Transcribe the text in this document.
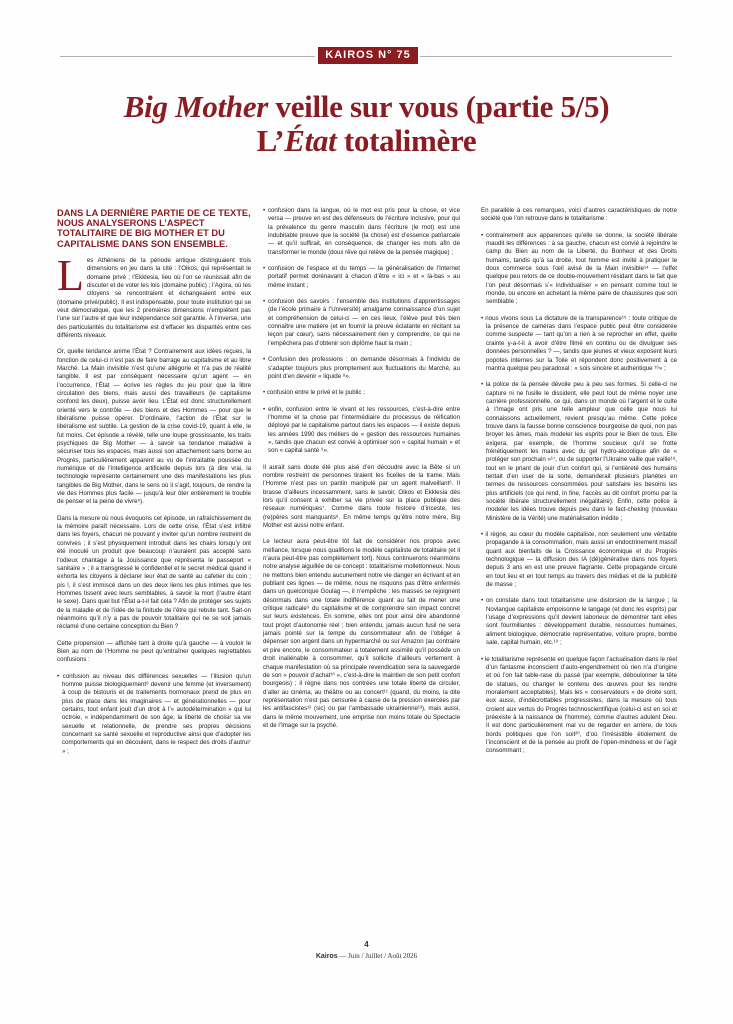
KAIROS N° 75
Big Mother veille sur vous (partie 5/5)
L’État totalimère

DANS LA DERNIÈRE PARTIE DE CE TEXTE, NOUS ANALYSERONS L’ASPECT TOTALITAIRE DE BIG MOTHER ET DU CAPITALISME DANS SON ENSEMBLE.

Les Athéniens de la période antique distinguaient trois dimensions en jeu dans la cité : l’Oikos, qui représentait le domaine privé ; l’Ekklesia, lieu où l’on se réunissait afin de discuter et de voter les lois (domaine public) ; l’Agora, où les citoyens se rencontraient et échangeaient entre eux (domaine privé/public). Il est indispensable, pour toute institution qui se veut démocratique, que les 2 premières dimensions n’empiètent pas l’une sur l’autre et que leur indépendance soit garantie. À l’inverse, une des particularités du totalitarisme est d’effacer les disparités entre ces différents niveaux.

Or, quelle tendance anime l’État ? Contrairement aux idées reçues, la fonction de celui-ci n’est pas de faire barrage au capitalisme et au libre Marché. La Main invisible n’est qu’une allégorie et n’a pas de réalité tangible. Il est par conséquent nécessaire qu’un agent — en l’occurrence, l’État — écrive les règles du jeu pour que la libre circulation des biens, mais aussi des travailleurs (le capitalisme confond les deux), puisse avoir lieu. L’État est donc structurellement orienté vers le contrôle — des biens et des Hommes — pour que le libéralisme puisse opérer. D’ordinaire, l’action de l’État sur le libéralisme est subtile. La gestion de la crise covid-19, quant à elle, le fut moins. Cet épisode a révélé, telle une loupe grossissante, les traits psychiques de Big Mother — à savoir sa tendance maladive à sécuriser tous les espaces, mais aussi son attachement sans borne au Progrès, particulièrement apparent au vu de l’intraitable poussée du numérique et de l’intelligence artificielle depuis lors (à dire vrai, la technologie représente certainement une des manifestations les plus tangibles de Big Mother, dans le sens où il s’agit, toujours, de rendre la vie des Hommes plus facile — jusqu’à leur ôter entièrement le trouble de penser et la peine de vivre⁵).

Dans la mesure où nous évoquons cet épisode, un rafraîchissement de la mémoire paraît nécessaire. Lors de cette crise, l’État s’est infiltré dans les foyers, chacun ne pouvant y inviter qu’un nombre restreint de convives ; il s’est physiquement introduit dans les chairs lorsqu’y ont été inoculé un produit que beaucoup n’auraient pas accepté sans l’odieux chantage à la Jouissance que représenta le passeport « sanitaire » ; il a transgressé le confidentiel et le secret médical quand il exhorta les citoyens à déclarer leur état de santé au cafetier du coin ; pis !, il s’est immiscé dans un des deux liens les plus intimes que les Hommes tissent avec leurs semblables, à savoir la mort (l’autre étant le sexe). Dans quel but l’État a-t-il fait cela ? Afin de protéger ses sujets de la maladie et de l’idée de la finitude de l’être qui rebute tant. Sait-on néanmoins qu’il n’y a pas de pouvoir totalitaire qui ne se soit jamais réclamé d’une certaine conception du Bien ?

Cette propension — affichée tant à droite qu’à gauche — à vouloir le Bien au nom de l’Homme ne peut qu’entraîner quelques regrettables confusions :

• confusion au niveau des différences sexuelles — l’illusion qu’un homme puisse biologiquement⁶ devenir une femme (et inversement) à coup de bistouris et de traitements hormonaux prend de plus en plus de place dans les imaginaires — et générationnelles — pour certains, tout enfant jouit d’un droit à l’« autodétermination » qui lui octroie, « indépendamment de son âge, la liberté de choisir sa vie sexuelle et relationnelle, de prendre ses propres décisions concernant sa santé sexuelle et reproductive ainsi que d’adopter les comportements qui en découlent, dans le respect des droits d’autrui⁷ » ;

• confusion dans la langue, où le mot est pris pour la chose, et vice versa — preuve en est des défenseurs de l’écriture inclusive, pour qui la prévalence du genre masculin dans l’écriture (le mot) est une indubitable preuve que la société (la chose) est d’essence patriarcale — et qu’il suffirait, en conséquence, de changer les mots afin de transformer le monde (doux rêve qui relève de la pensée magique) ;

• confusion de l’espace et du temps — la généralisation de l’Internet portatif permet dorénavant à chacun d’être « ici » et « là-bas » au même instant ;

• confusion des savoirs : l’ensemble des institutions d’apprentissages (de l’école primaire à l’Université) amalgame connaissance d’un sujet et compréhension de celui-ci — en ces lieux, l’élève peut très bien connaître une matière (et en fournir la preuve éclatante en récitant sa leçon par cœur), sans nécessairement rien y comprendre, ce qui ne l’empêchera pas d’obtenir son diplôme haut la main ;

• Confusion des professions : on demande désormais à l’individu de s’adapter toujours plus promptement aux fluctuations du Marché, au point d’en devenir « liquide ⁸».

• confusion entre le privé et le public ;

• enfin, confusion entre le vivant et les ressources, c’est-à-dire entre l’homme et la chose par l’intermédiaire du processus de réification déployé par le capitalisme partout dans les espaces — il existe depuis les années 1990 des métiers de « gestion des ressources humaines », tandis que chacun est convié à optimiser son « capital humain » et son « capital santé ⁹».

Il aurait sans doute été plus aisé d’en découdre avec la Bête si un nombre restreint de personnes tiraient les ficelles de la trame. Mais l’Homme n’est pas un pantin manipulé par un agent malveillant⁶. Il brasse d’ailleurs incessamment, sans le savoir, Oikos et Ekklesia dès lors qu’il consent à exhiber sa vie privée sur la place publique des réseaux numériques⁷. Comme dans toute histoire d’inceste, les (re)pères sont manquants⁸. En même temps qu’être notre mère, Big Mother est aussi notre enfant.

Le lecteur aura peut-être tôt fait de considérer nos propos avec méfiance, lorsque nous qualifions le modèle capitaliste de totalitaire (et il n’aura peut-être pas complètement tort). Nous continuerons néanmoins notre analyse aiguillée de ce concept : totalitarisme mollettonneux. Nous ne mettons bien entendu aucunement notre vie danger en écrivant et en publiant ces lignes — de même, nous ne risquons pas d’être enfermés dans un quelconque Goulag —, il n’empêche : les masses se rejoignent désormais dans une totale indifférence quant au fait de mener une critique radicale⁹ du capitalisme et de comprendre son impact concret sur leurs existences. En somme, elles ont pour ainsi dire abandonné tout projet d’autonomie réel ; bien entendu, jamais aucun fusil ne sera jamais pointé sur la tempe du consommateur afin de l’obliger à dépenser son argent dans un hypermarché ou sur Amazon (au contraire et pire encore, le consommateur a totalement assimilé qu’il possède un droit inaliénable à consommer, qu’il sollicite d’ailleurs vertement à chaque manifestation où sa principale revendication sera la sauvegarde de son « pouvoir d’achat¹⁰ », c’est-à-dire le maintien de son petit confort bourgeois) ; il règne dans nos contrées une totale liberté de circuler, d’aller au cinéma, au théâtre ou au concert¹¹ (quand, du moins, la dite représentation n’est pas censurée à cause de la pression exercées par les antifascistes¹² (sic) ou par l’ambassade ukrainienne¹³), mais aussi, dans le même mouvement, une emprise non moins totale du Spectacle et de l’Image sur la psyché.

En parallèle à ces remarques, voici d’autres caractéristiques de notre société que l’on retrouve dans le totalitarisme :

• contrairement aux apparences qu’elle se donne, la société libérale maudit les différences : à sa gauche, chacun est convié à rejoindre le camp du Bien au nom de la Liberté, du Bonheur et des Droits humains, tandis qu’à sa droite, tout homme est invité à pratiquer le doux commerce sous l’œil avisé de la Main invisible¹⁴ — l’effet quelque peu retors de ce double-mouvement résidant dans le fait que l’on peut désormais s’« individualiser » en pensant comme tout le monde, ou encore en achetant la même paire de chaussures que son semblable ;

• nous vivons sous La dictature de la transparence¹⁵ : toute critique de la présence de caméras dans l’espace public peut être considérée comme suspecte — tant qu’on a rien à se reprocher en effet, quelle crainte y-a-t-il à avoir d’être filmé en continu ou de divulguer ses données personnelles ? —, tandis que jeunes et vieux exposent leurs popotes internes sur la Toile et répondent donc positivement à ce mantra quelque peu paradoxal : « sois sincère et authentique ¹⁶» ;

• la police de la pensée dévoile peu à peu ses formes. Si celle-ci ne capture ni ne fusille le dissident, elle peut tout de même noyer une carrière professionnelle, ce qui, dans un monde où l’argent et le culte à l’Image ont pris une telle ampleur que celle que nous lui connaissons actuellement, revient presqu’au même. Cette police trouve dans la fausse bonne conscience bourgeoise de quoi, non pas broyer les âmes, mais modeler les esprits pour le Bien de tous. Elle exigera, par exemple, de l’homme soucieux qu’il se frotte frénétiquement les mains avec du gel hydro-alcoolique afin de « protéger son prochain »¹⁷, ou de supporter l’Ukraine vaille que vaille¹⁸, tout en le priant de jouir d’un confort qui, si l’entièreté des humains tentait d’en user de la sorte, demanderait plusieurs planètes en termes de ressources consommées pour satisfaire les besoins les plus artificiels (ce qui rend, in fine, l’accès au dit confort promu par la société libérale structurellement inégalitaire). Enfin, cette police à modeler les idées trouve depuis peu dans le fact-cheking (nouveau Ministère de la Vérité) une matérialisation inédite ;

• il règne, au cœur du modèle capitaliste, non seulement une véritable propagande à la consommation, mais aussi un endoctrinement massif quant aux bienfaits de la Croissance économique et du Progrès technologique — la diffusion des IA (dé)générative dans nos foyers depuis 3 ans en est une preuve flagrante. Cette propagande circule en tout lieu et en tout temps au travers des médias et de la publicité de masse ;

• on constate dans tout totalitarisme une distorsion de la langue ; la Novlangue capitaliste empoisonne le langage (et donc les esprits) par l’usage d’expressions qu’il devient laborieux de démontrer tant elles sont fourmillantes : développement durable, ressources humaines, aliment biologique, démocratie représentative, voiture propre, bombe sale, capital humain, etc.¹⁹ ;

• le totalitarisme représente en quelque façon l’actualisation dans le réel d’un fantasme inconscient d’auto-engendrement où rien n’a d’origine et où l’on fait table-rase du passé (par exemple, déboulonner la tête de statues, ou changer le contenu des œuvres pour les rendre moralement acceptables). Mais les « conservateurs » de droite sont, eux aussi, d’indécrottables progressistes, dans la mesure où tous croient aux vertus du Progrès technoscientifique (celui-ci est en soi et préexiste à la naissance de l’homme), comme d’autres adulent Dieu. Il est donc particulièrement mal vu de regarder en arrière, de tous bords politiques que l’on soit²⁰, d’où l’irrésistible étiolement de l’inconscient et de la pensée au profit de l’open-mindness et de l’agir consommant ;

4
Kairos — Juin / Juillet / Août 2026
